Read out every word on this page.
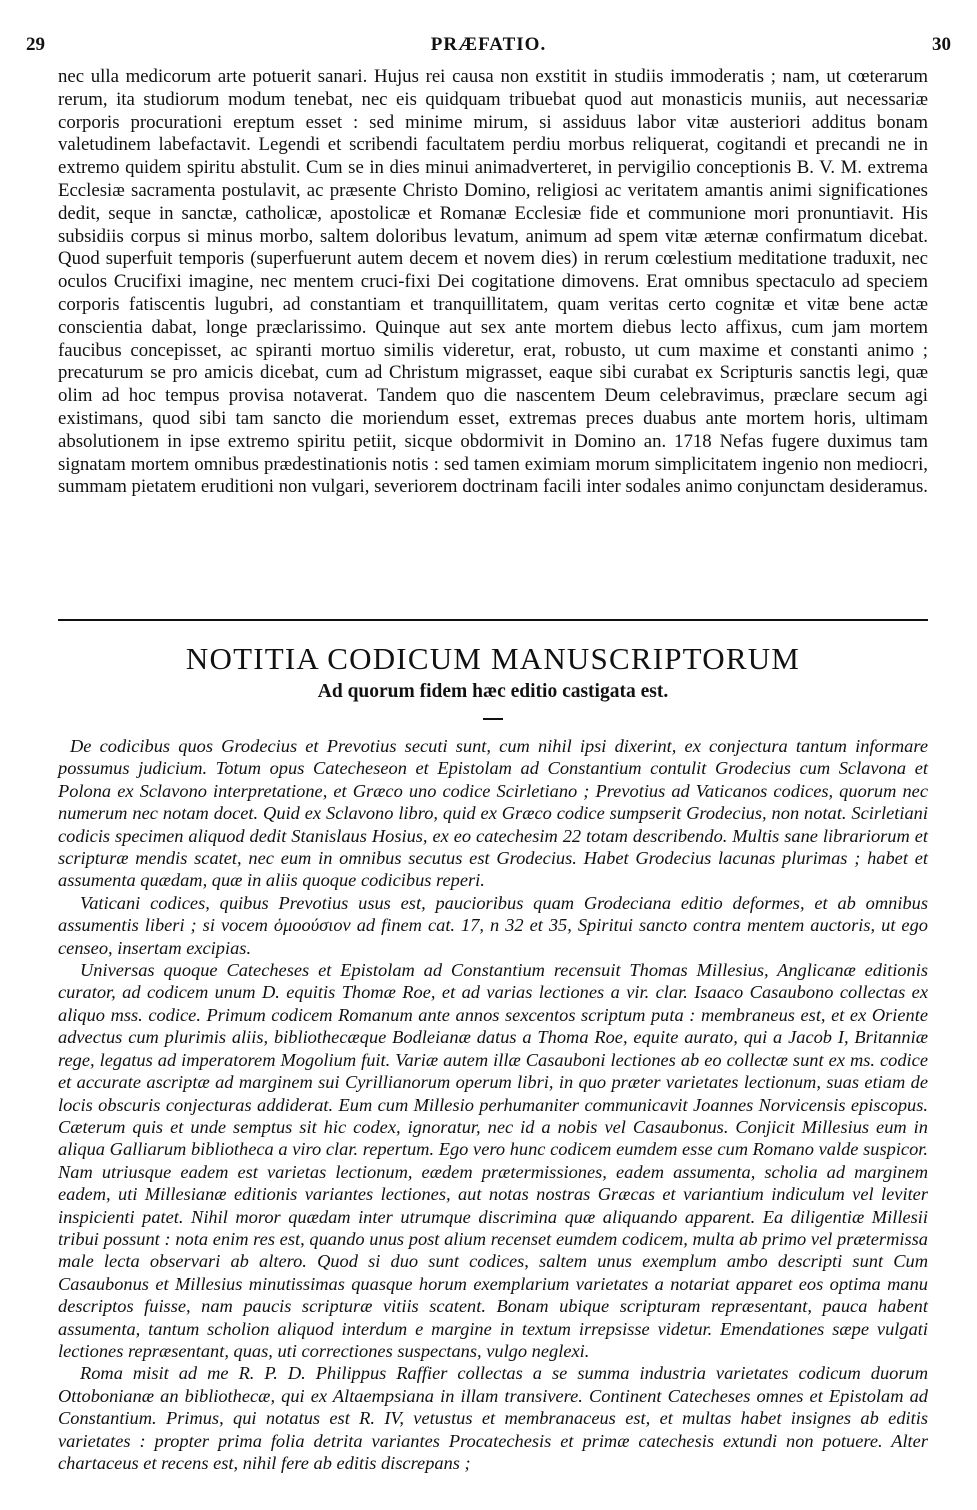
29	PRÆFATIO.	30

nec ulla medicorum arte potuerit sanari. Hujus rei causa non exstitit in studiis immoderatis ; nam, ut cœterarum rerum, ita studiorum modum tenebat, nec eis quidquam tribuebat quod aut monasticis muniis, aut necessariæ corporis procurationi ereptum esset : sed minime mirum, si assiduus labor vitæ austeriori additus bonam valetudinem labefactavit. Legendi et scribendi facultatem perdiu morbus reliquerat, cogitandi et precandi ne in extremo quidem spiritu abstulit. Cum se in dies minui animadverteret, in pervigilio conceptionis B. V. M. extrema Ecclesiæ sacramenta postulavit, ac præsente Christo Domino, religiosi ac veritatem amantis animi significationes dedit, seque in sanctæ, catholicæ, apostolicæ et Romanæ Ecclesiæ fide et communione mori pronuntiavit. His subsidiis corpus si minus morbo, saltem doloribus levatum, animum ad spem vitæ æternæ confirmatum dicebat. Quod superfuit temporis (superfuerunt autem decem et novem dies) in rerum cœlestium meditatione traduxit, nec oculos Crucifixi imagine, nec mentem cruci-fixi Dei cogitatione dimovens. Erat omnibus spectaculo ad speciem corporis fatiscentis lugubri, ad constantiam et tranquillitatem, quam veritas certo cognitæ et vitæ bene actæ conscientia dabat, longe præclarissimo. Quinque aut sex ante mortem diebus lecto affixus, cum jam mortem faucibus concepisset, ac spiranti mortuo similis videretur, erat, robusto, ut cum maxime et constanti animo ; precaturum se pro amicis dicebat, cum ad Christum migrasset, eaque sibi curabat ex Scripturis sanctis legi, quæ olim ad hoc tempus provisa notaverat. Tandem quo die nascentem Deum celebravimus, præclare secum agi existimans, quod sibi tam sancto die moriendum esset, extremas preces duabus ante mortem horis, ultimam absolutionem in ipse extremo spiritu petiit, sicque obdormivit in Domino an. 1718 Nefas fugere duximus tam signatam mortem omnibus prædestinationis notis : sed tamen eximiam morum simplicitatem ingenio non mediocri, summam pietatem eruditioni non vulgari, severiorem doctrinam facili inter sodales animo conjunctam desideramus.

NOTITIA CODICUM MANUSCRIPTORUM
Ad quorum fidem hæc editio castigata est.

De codicibus quos Grodecius et Prevotius secuti sunt, cum nihil ipsi dixerint, ex conjectura tantum informare possumus judicium. Totum opus Catecheseon et Epistolam ad Constantium contulit Grodecius cum Sclavona et Polona ex Sclavono interpretatione, et Græco uno codice Scirletiano ; Prevotius ad Vaticanos codices, quorum nec numerum nec notam docet. Quid ex Sclavono libro, quid ex Græco codice sumpserit Grodecius, non notat. Scirletiani codicis specimen aliquod dedit Stanislaus Hosius, ex eo catechesim 22 totam describendo. Multis sane librariorum et scripturæ mendis scatet, nec eum in omnibus secutus est Grodecius. Habet Grodecius lacunas plurimas ; habet et assumenta quædam, quæ in aliis quoque codicibus reperi.

Vaticani codices, quibus Prevotius usus est, paucioribus quam Grodeciana editio deformes, et ab omnibus assumentis liberi ; si vocem ὁμοούσιον ad finem cat. 17, n 32 et 35, Spiritui sancto contra mentem auctoris, ut ego censeo, insertam excipias.

Universas quoque Catecheses et Epistolam ad Constantium recensuit Thomas Millesius, Anglicanæ editionis curator, ad codicem unum D. equitis Thomæ Roe, et ad varias lectiones a vir. clar. Isaaco Casaubono collectas ex aliquo mss. codice. Primum codicem Romanum ante annos sexcentos scriptum puta : membraneus est, et ex Oriente advectus cum plurimis aliis, bibliothecæque Bodleianæ datus a Thoma Roe, equite aurato, qui a Jacob I, Britanniæ rege, legatus ad imperatorem Mogolium fuit. Variæ autem illæ Casauboni lectiones ab eo collectæ sunt ex ms. codice et accurate ascriptæ ad marginem sui Cyrillianorum operum libri, in quo præter varietates lectionum, suas etiam de locis obscuris conjecturas addiderat. Eum cum Millesio perhumaniter communicavit Joannes Norvicensis episcopus. Cæterum quis et unde semptus sit hic codex, ignoratur, nec id a nobis vel Casaubonus. Conjicit Millesius eum in aliqua Galliarum bibliotheca a viro clar. repertum. Ego vero hunc codicem eumdem esse cum Romano valde suspicor. Nam utriusque eadem est varietas lectionum, eædem prætermissiones, eadem assumenta, scholia ad marginem eadem, uti Millesianæ editionis variantes lectiones, aut notas nostras Græcas et variantium indiculum vel leviter inspicienti patet. Nihil moror quædam inter utrumque discrimina quæ aliquando apparent. Ea diligentiæ Millesii tribui possunt : nota enim res est, quando unus post alium recenset eumdem codicem, multa ab primo vel prætermissa male lecta observari ab altero. Quod si duo sunt codices, saltem unus exemplum ambo descripti sunt Cum Casaubonus et Millesius minutissimas quasque horum exemplarium varietates a notariat apparet eos optima manu descriptos fuisse, nam paucis scripturæ vitiis scatent. Bonam ubique scripturam repræsentant, pauca habent assumenta, tantum scholion aliquod interdum e margine in textum irrepsisse videtur. Emendationes sæpe vulgati lectiones repræsentant, quas, uti correctiones suspectans, vulgo neglexi.

Roma misit ad me R. P. D. Philippus Raffier collectas a se summa industria varietates codicum duorum Ottobonianæ an bibliothecæ, qui ex Altaempsiana in illam transivere. Continent Catecheses omnes et Epistolam ad Constantium. Primus, qui notatus est R. IV, vetustus et membranaceus est, et multas habet insignes ab editis varietates : propter prima folia detrita variantes Procatechesis et primæ catechesis extundi non potuere. Alter chartaceus et recens est, nihil fere ab editis discrepans ;
